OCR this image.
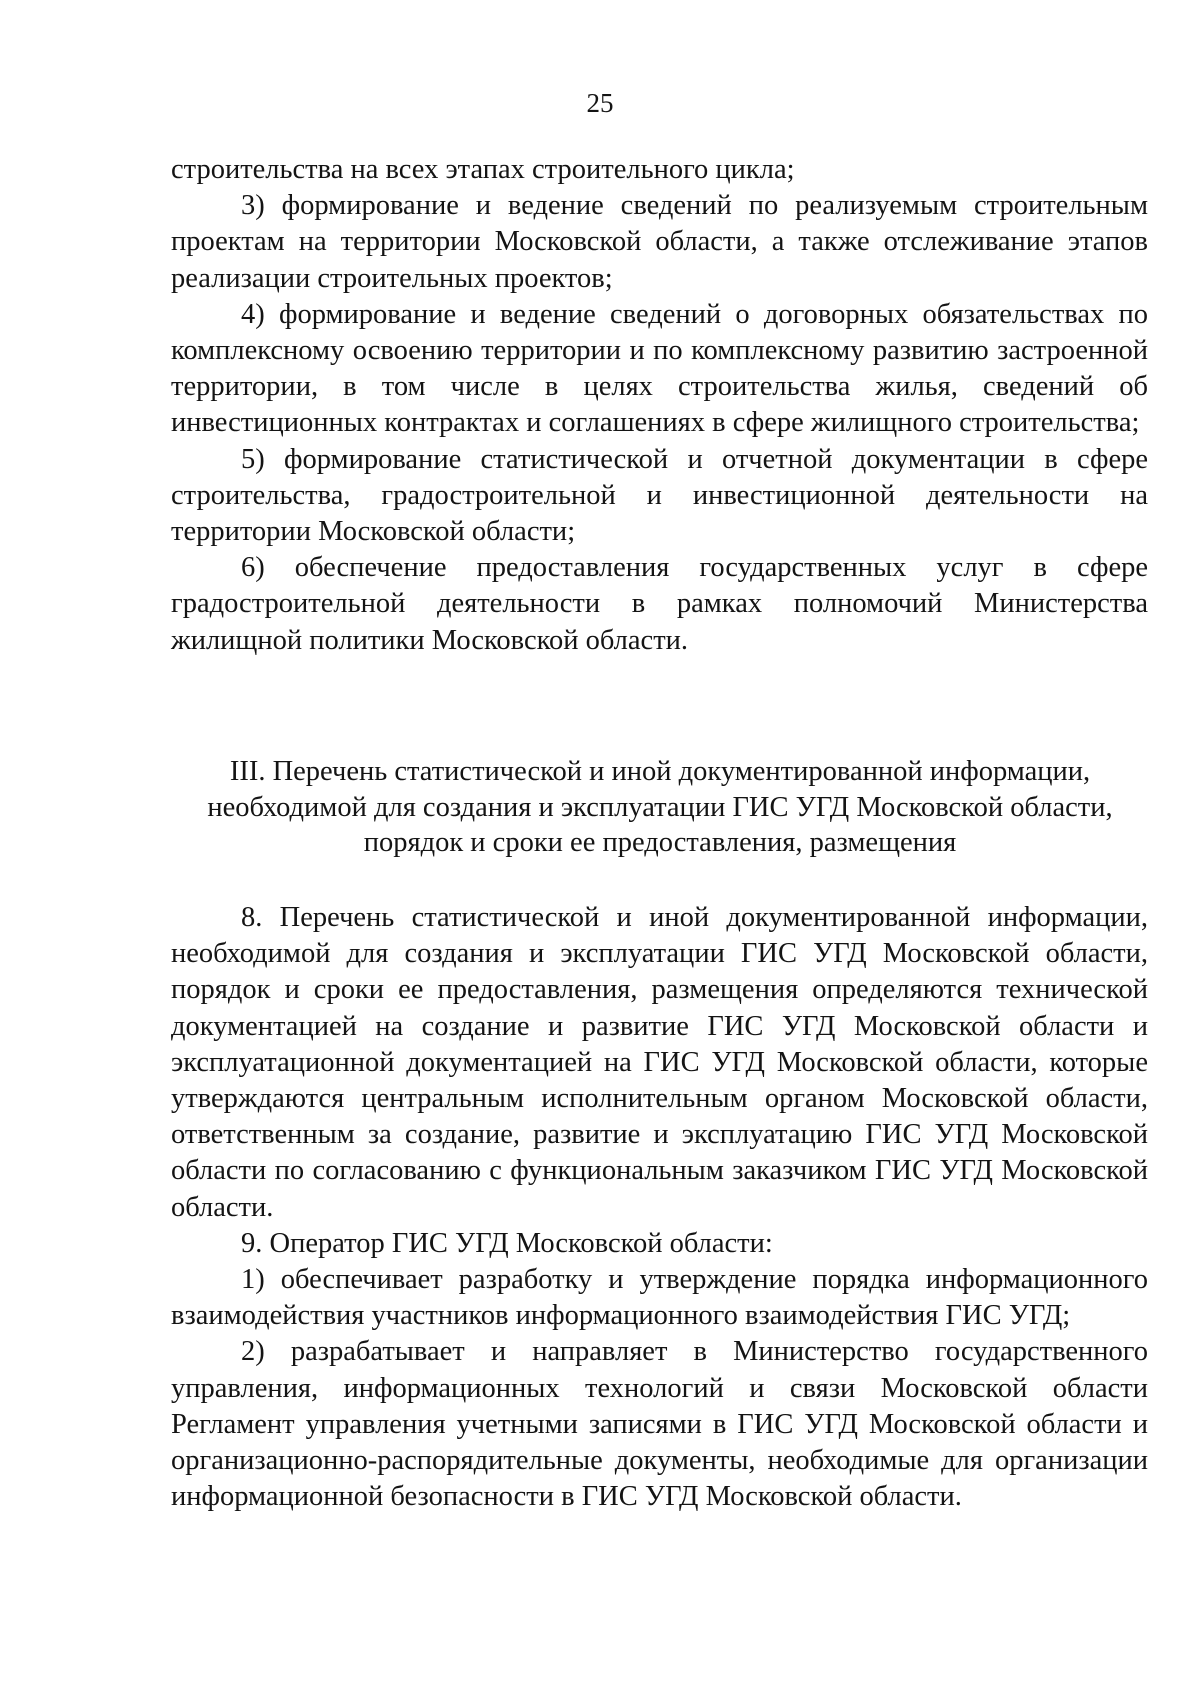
25

строительства на всех этапах строительного цикла;

3) формирование и ведение сведений по реализуемым строительным проектам на территории Московской области, а также отслеживание этапов реализации строительных проектов;

4) формирование и ведение сведений о договорных обязательствах по комплексному освоению территории и по комплексному развитию застроенной территории, в том числе в целях строительства жилья, сведений об инвестиционных контрактах и соглашениях в сфере жилищного строительства;

5) формирование статистической и отчетной документации в сфере строительства, градостроительной и инвестиционной деятельности на территории Московской области;

6) обеспечение предоставления государственных услуг в сфере градостроительной деятельности в рамках полномочий Министерства жилищной политики Московской области.

III. Перечень статистической и иной документированной информации,
необходимой для создания и эксплуатации ГИС УГД Московской области,
порядок и сроки ее предоставления, размещения

8. Перечень статистической и иной документированной информации, необходимой для создания и эксплуатации ГИС УГД Московской области, порядок и сроки ее предоставления, размещения определяются технической документацией на создание и развитие ГИС УГД Московской области и эксплуатационной документацией на ГИС УГД Московской области, которые утверждаются центральным исполнительным органом Московской области, ответственным за создание, развитие и эксплуатацию ГИС УГД Московской области по согласованию с функциональным заказчиком ГИС УГД Московской области.

9. Оператор ГИС УГД Московской области:

1) обеспечивает разработку и утверждение порядка информационного взаимодействия участников информационного взаимодействия ГИС УГД;

2) разрабатывает и направляет в Министерство государственного управления, информационных технологий и связи Московской области Регламент управления учетными записями в ГИС УГД Московской области и организационно-распорядительные документы, необходимые для организации информационной безопасности в ГИС УГД Московской области.
